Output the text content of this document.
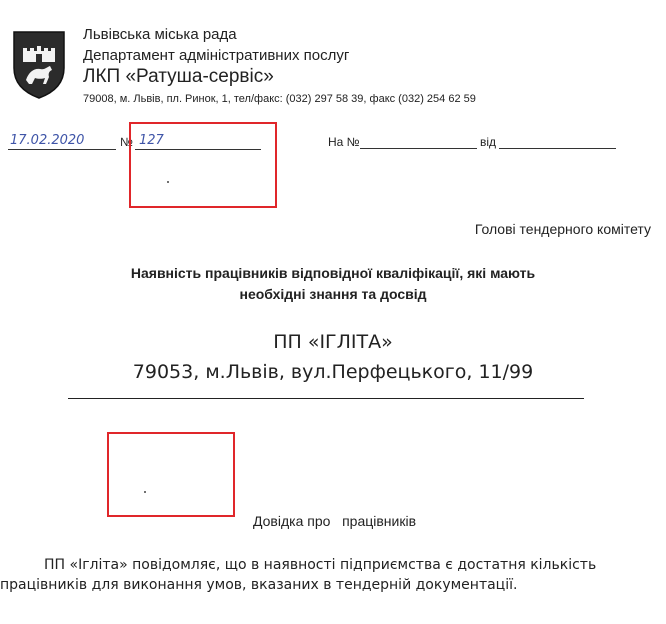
Львівська міська рада
Департамент адміністративних послуг
ЛКП «Ратуша-сервіс»
79008, м. Львів, пл. Ринок, 1, тел/факс: (032) 297 58 39, факс (032) 254 62 59
17.02.2020	№ 127	На №	від
Голові тендерного комітету
Наявність працівників відповідної кваліфікації, які мають
необхідні знання та досвід
ПП «ІГЛІТА»
79053, м.Львів, вул.Перфецького, 11/99
Довідка про   працівників
ПП «Ігліта» повідомляє, що в наявності підприємства є достатня кількість
працівників для виконання умов, вказаних в тендерній документації.
